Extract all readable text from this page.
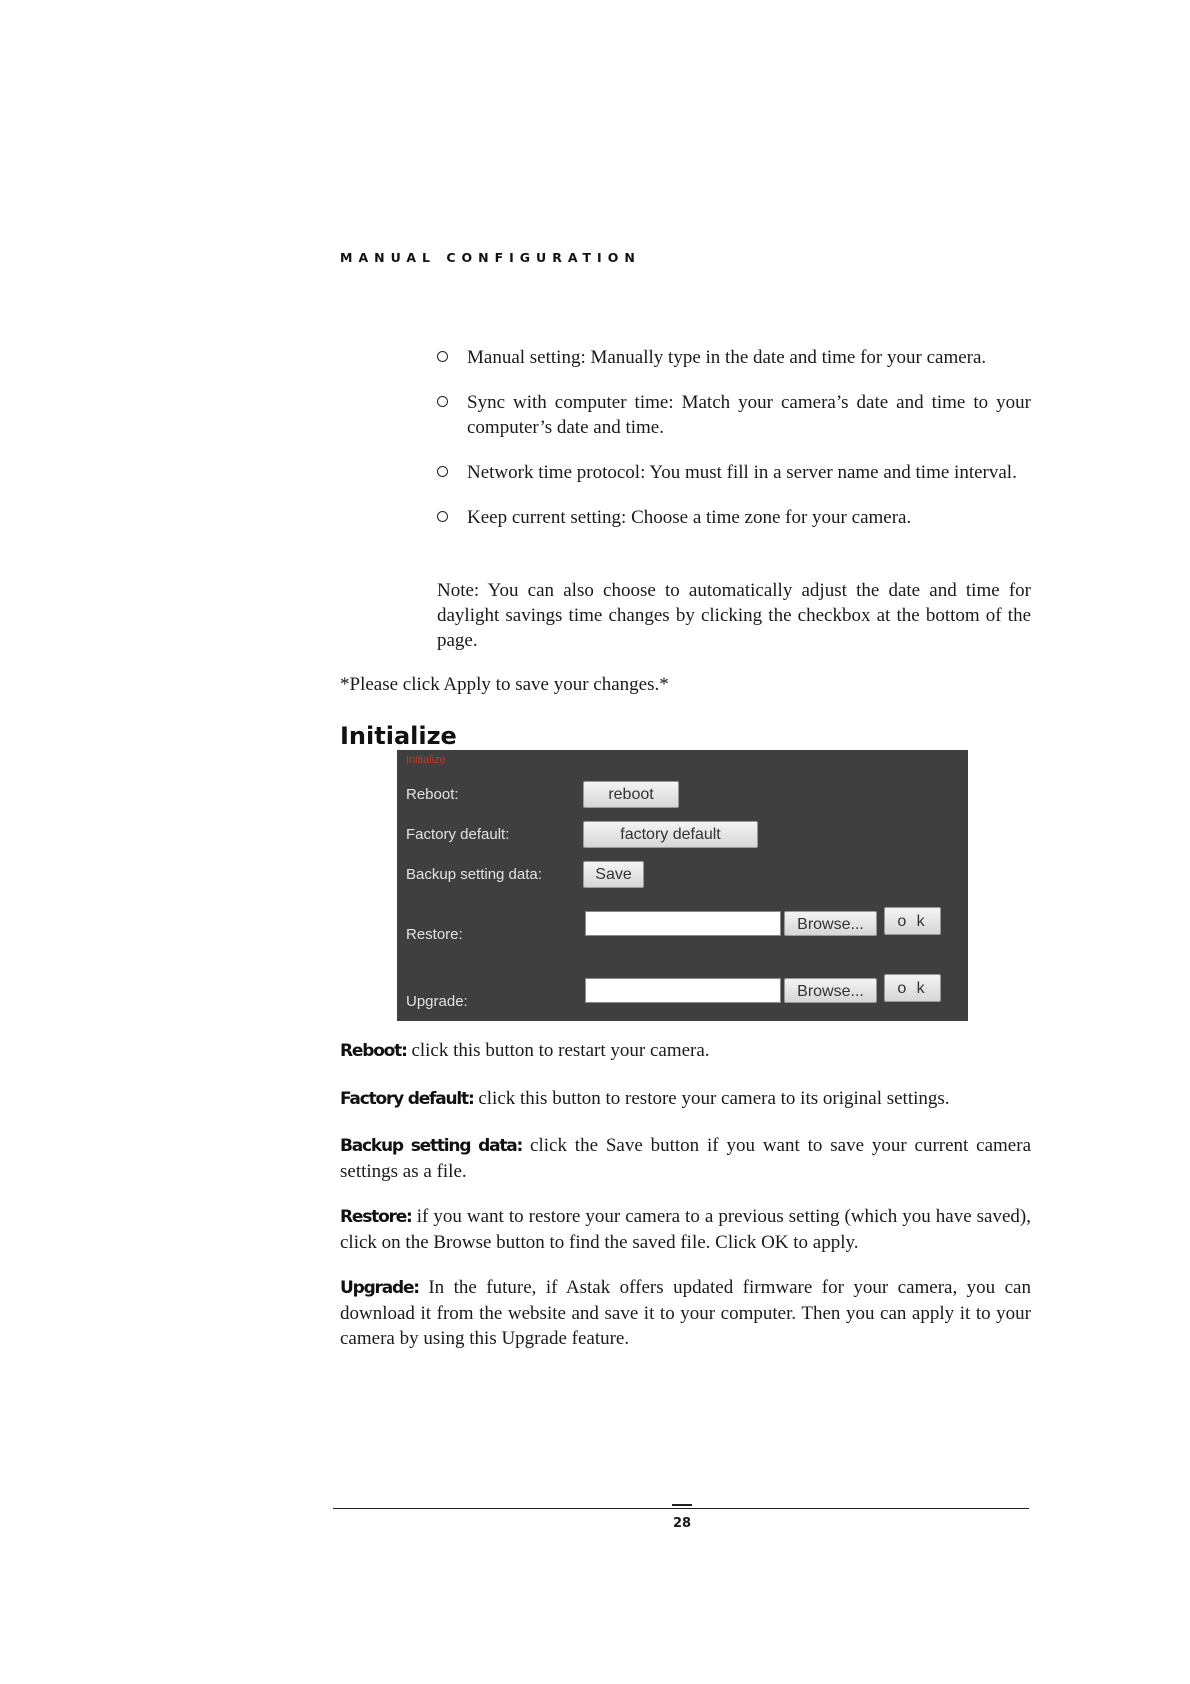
MANUAL CONFIGURATION
Manual setting: Manually type in the date and time for your camera.
Sync with computer time: Match your camera’s date and time to your computer’s date and time.
Network time protocol: You must fill in a server name and time interval.
Keep current setting: Choose a time zone for your camera.
Note: You can also choose to automatically adjust the date and time for daylight savings time changes by clicking the checkbox at the bottom of the page.
*Please click Apply to save your changes.*
Initialize
Initialize
Reboot:	reboot
Factory default:	factory default
Backup setting data:	Save
Restore:
Browse...	o k
Upgrade:
Browse...	o k
Reboot: click this button to restart your camera.
Factory default: click this button to restore your camera to its original settings.
Backup setting data: click the Save button if you want to save your current camera settings as a file.
Restore: if you want to restore your camera to a previous setting (which you have saved), click on the Browse button to find the saved file. Click OK to apply.
Upgrade: In the future, if Astak offers updated firmware for your camera, you can download it from the website and save it to your computer. Then you can apply it to your camera by using this Upgrade feature.
28
